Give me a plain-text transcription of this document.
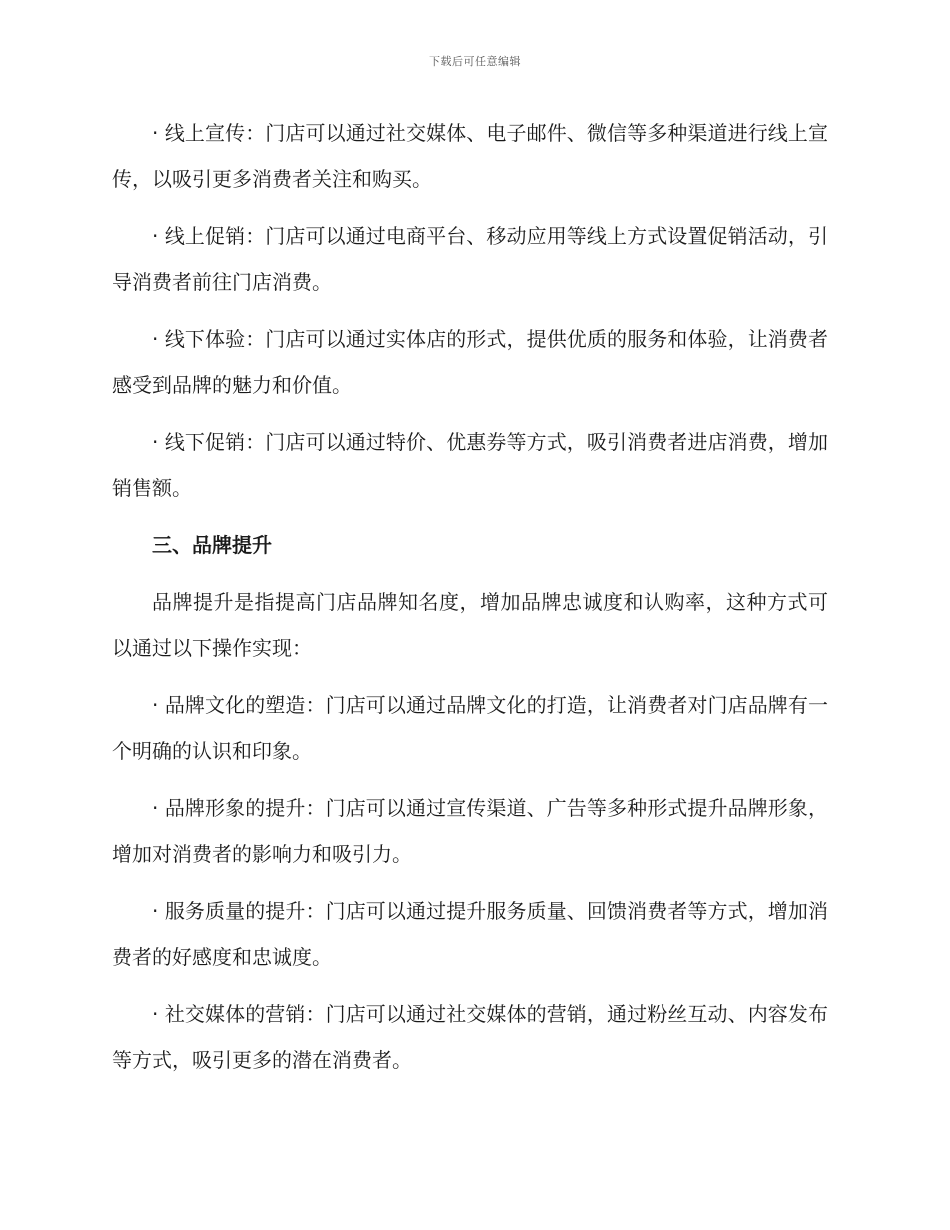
下载后可任意编辑

· 线上宣传：门店可以通过社交媒体、电子邮件、微信等多种渠道进行线上宣传，以吸引更多消费者关注和购买。

· 线上促销：门店可以通过电商平台、移动应用等线上方式设置促销活动，引导消费者前往门店消费。

· 线下体验：门店可以通过实体店的形式，提供优质的服务和体验，让消费者感受到品牌的魅力和价值。

· 线下促销：门店可以通过特价、优惠券等方式，吸引消费者进店消费，增加销售额。

三、品牌提升

品牌提升是指提高门店品牌知名度，增加品牌忠诚度和认购率，这种方式可以通过以下操作实现：

· 品牌文化的塑造：门店可以通过品牌文化的打造，让消费者对门店品牌有一个明确的认识和印象。

· 品牌形象的提升：门店可以通过宣传渠道、广告等多种形式提升品牌形象，增加对消费者的影响力和吸引力。

· 服务质量的提升：门店可以通过提升服务质量、回馈消费者等方式，增加消费者的好感度和忠诚度。

· 社交媒体的营销：门店可以通过社交媒体的营销，通过粉丝互动、内容发布等方式，吸引更多的潜在消费者。
